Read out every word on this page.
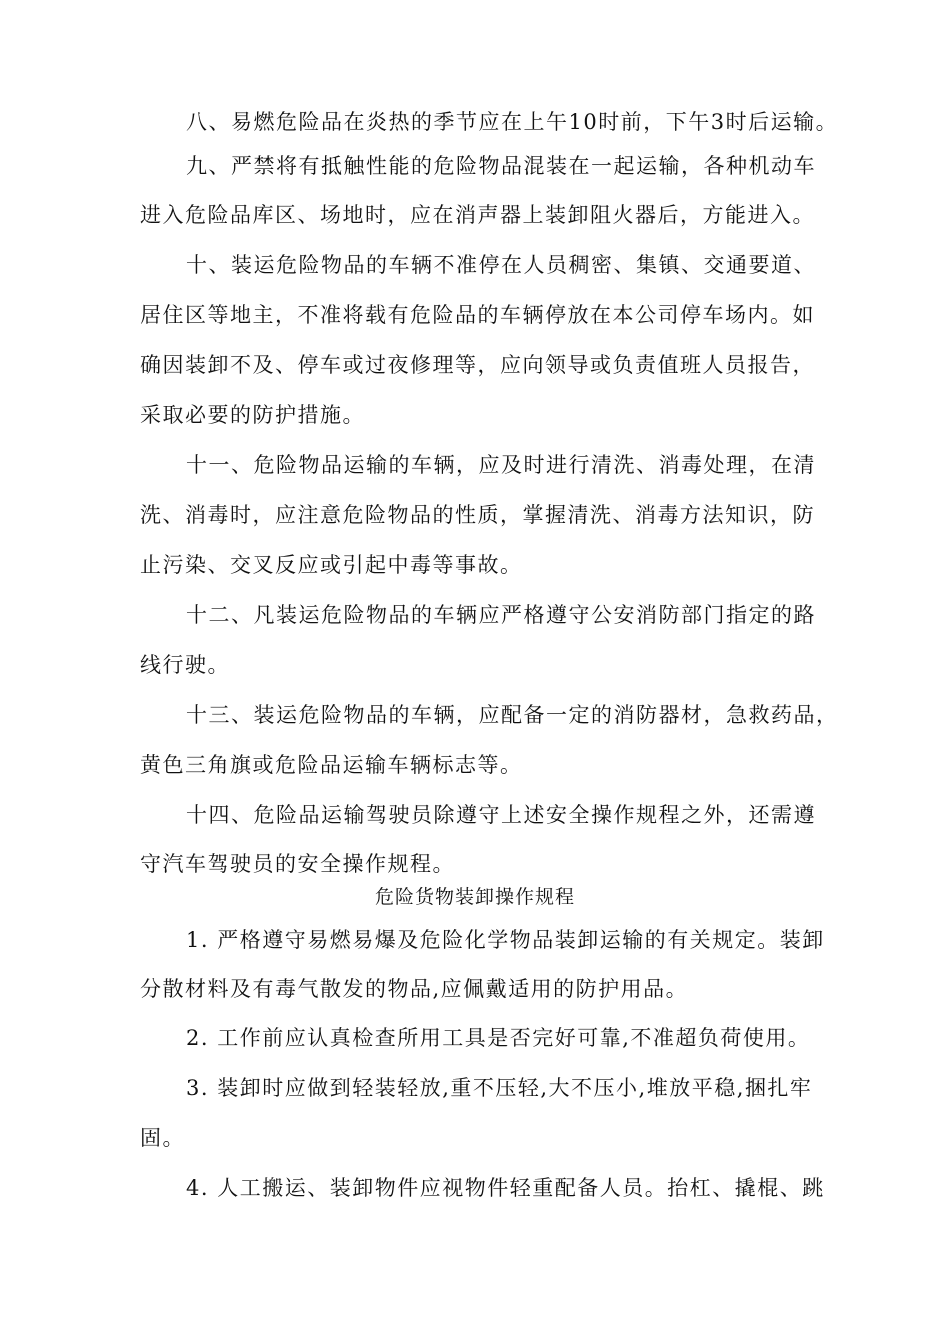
八、易燃危险品在炎热的季节应在上午10时前，下午3时后运输。
九、严禁将有抵触性能的危险物品混装在一起运输，各种机动车
进入危险品库区、场地时，应在消声器上装卸阻火器后，方能进入。
十、装运危险物品的车辆不准停在人员稠密、集镇、交通要道、
居住区等地主，不准将载有危险品的车辆停放在本公司停车场内。如
确因装卸不及、停车或过夜修理等，应向领导或负责值班人员报告，
采取必要的防护措施。
十一、危险物品运输的车辆，应及时进行清洗、消毒处理，在清
洗、消毒时，应注意危险物品的性质，掌握清洗、消毒方法知识，防
止污染、交叉反应或引起中毒等事故。
十二、凡装运危险物品的车辆应严格遵守公安消防部门指定的路
线行驶。
十三、装运危险物品的车辆，应配备一定的消防器材，急救药品，
黄色三角旗或危险品运输车辆标志等。
十四、危险品运输驾驶员除遵守上述安全操作规程之外，还需遵
守汽车驾驶员的安全操作规程。
危险货物装卸操作规程
1. 严格遵守易燃易爆及危险化学物品装卸运输的有关规定。装卸
分散材料及有毒气散发的物品,应佩戴适用的防护用品。
2. 工作前应认真检查所用工具是否完好可靠,不准超负荷使用。
3. 装卸时应做到轻装轻放,重不压轻,大不压小,堆放平稳,捆扎牢
固。
4. 人工搬运、装卸物件应视物件轻重配备人员。抬杠、撬棍、跳
